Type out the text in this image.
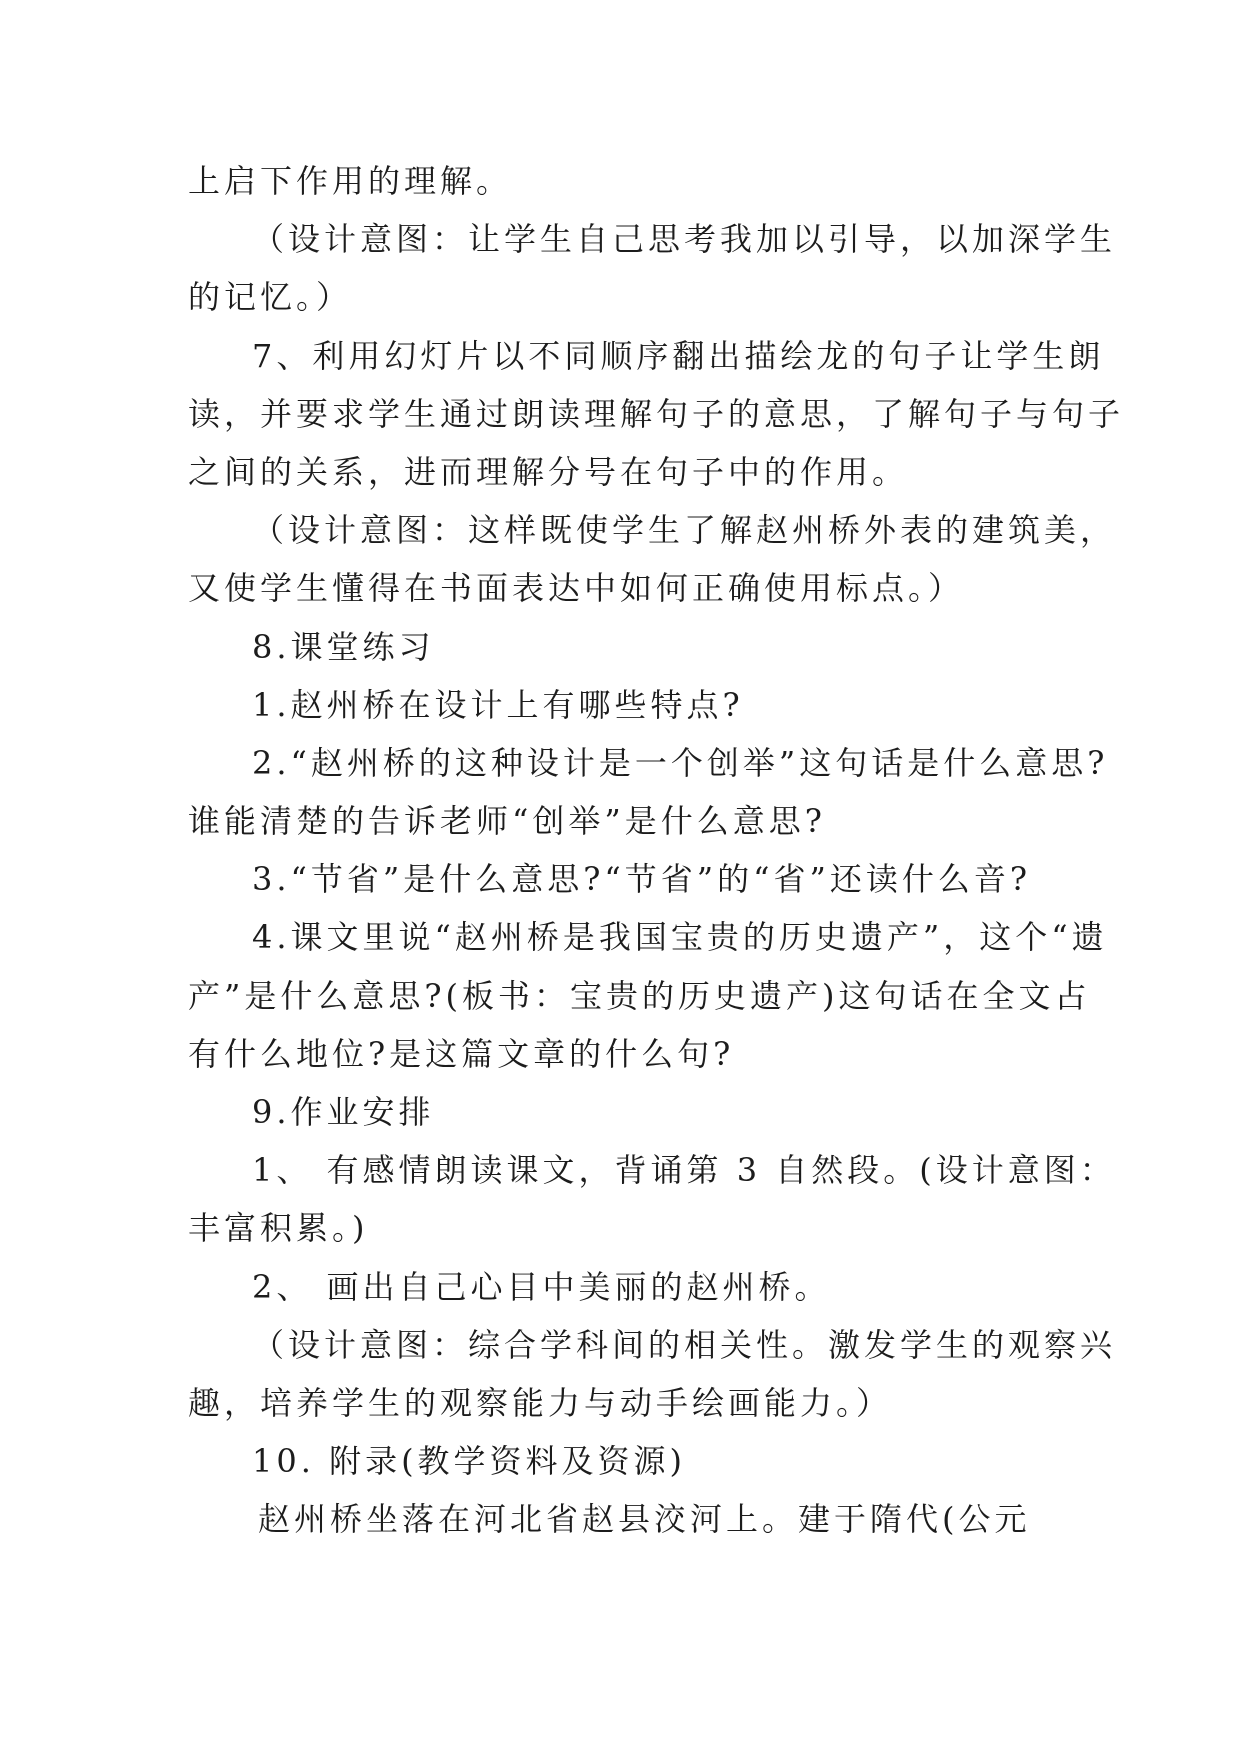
上启下作用的理解。
（设计意图：让学生自己思考我加以引导，以加深学生
的记忆。）
7、利用幻灯片以不同顺序翻出描绘龙的句子让学生朗
读，并要求学生通过朗读理解句子的意思，了解句子与句子
之间的关系，进而理解分号在句子中的作用。
（设计意图：这样既使学生了解赵州桥外表的建筑美，
又使学生懂得在书面表达中如何正确使用标点。）
8.课堂练习
1.赵州桥在设计上有哪些特点?
2.“赵州桥的这种设计是一个创举”这句话是什么意思?
谁能清楚的告诉老师“创举”是什么意思?
3.“节省”是什么意思?“节省”的“省”还读什么音?
4.课文里说“赵州桥是我国宝贵的历史遗产”，这个“遗
产”是什么意思?(板书：宝贵的历史遗产)这句话在全文占
有什么地位?是这篇文章的什么句?
9.作业安排
1、 有感情朗读课文，背诵第 3 自然段。(设计意图：
丰富积累。)
2、 画出自己心目中美丽的赵州桥。
（设计意图：综合学科间的相关性。激发学生的观察兴
趣，培养学生的观察能力与动手绘画能力。）
10. 附录(教学资料及资源)
赵州桥坐落在河北省赵县洨河上。建于隋代(公元
